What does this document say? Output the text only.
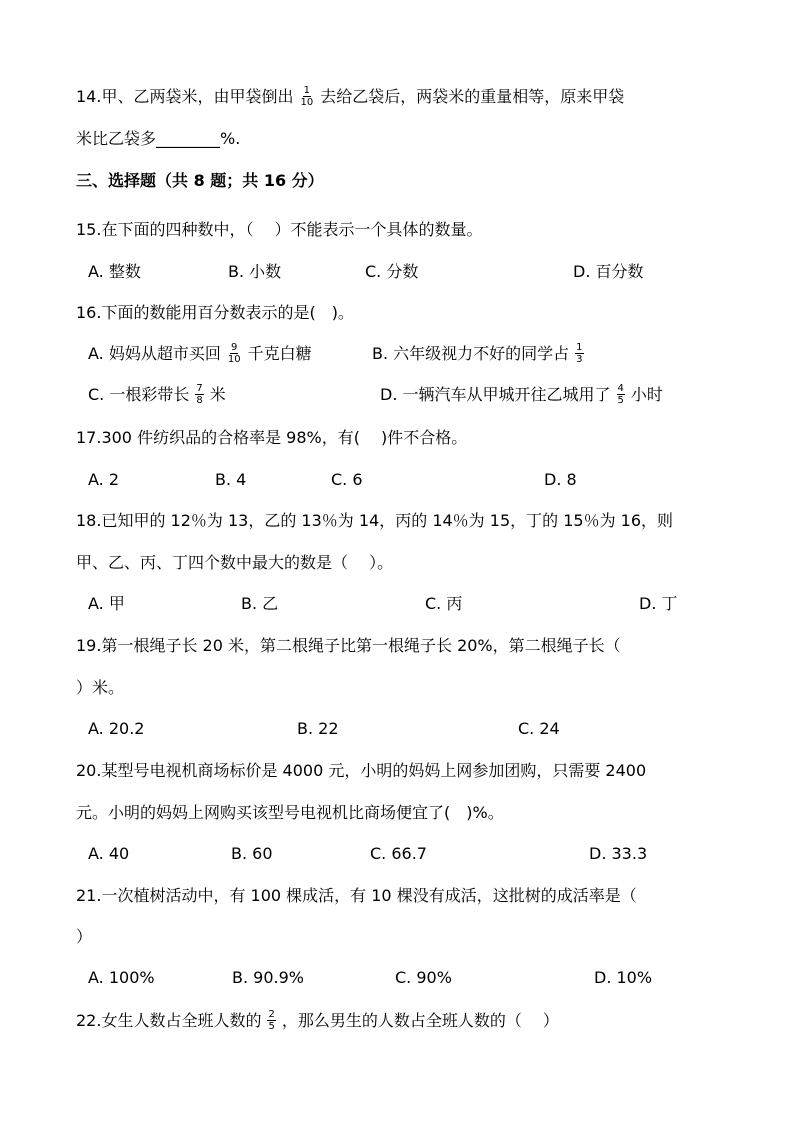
14.甲、乙两袋米，由甲袋倒出 $\frac{1}{10}$ 去给乙袋后，两袋米的重量相等，原来甲袋
米比乙袋多________%.
三、选择题（共 8 题；共 16 分）
15.在下面的四种数中，（　 ）不能表示一个具体的数量。
A. 整数	B. 小数	C. 分数	D. 百分数
16.下面的数能用百分数表示的是(　)。
A. 妈妈从超市买回 $\frac{9}{10}$ 千克白糖	B. 六年级视力不好的同学占 $\frac{1}{3}$
C. 一根彩带长 $\frac{7}{8}$ 米	D. 一辆汽车从甲城开往乙城用了 $\frac{4}{5}$ 小时
17.300 件纺织品的合格率是 98%，有(　 )件不合格。
A. 2	B. 4	C. 6	D. 8
18.已知甲的 12％为 13，乙的 13％为 14，丙的 14％为 15，丁的 15％为 16，则
甲、乙、丙、丁四个数中最大的数是（　 ）。
A. 甲	B. 乙	C. 丙	D. 丁
19.第一根绳子长 20 米，第二根绳子比第一根绳子长 20%，第二根绳子长（
）米。
A. 20.2	B. 22	C. 24
20.某型号电视机商场标价是 4000 元，小明的妈妈上网参加团购，只需要 2400
元。小明的妈妈上网购买该型号电视机比商场便宜了(　)%。
A. 40	B. 60	C. 66.7	D. 33.3
21.一次植树活动中，有 100 棵成活，有 10 棵没有成活，这批树的成活率是（
）
A. 100%	B. 90.9%	C. 90%	D. 10%
22.女生人数占全班人数的 $\frac{2}{5}$ ，那么男生的人数占全班人数的（　 ）
